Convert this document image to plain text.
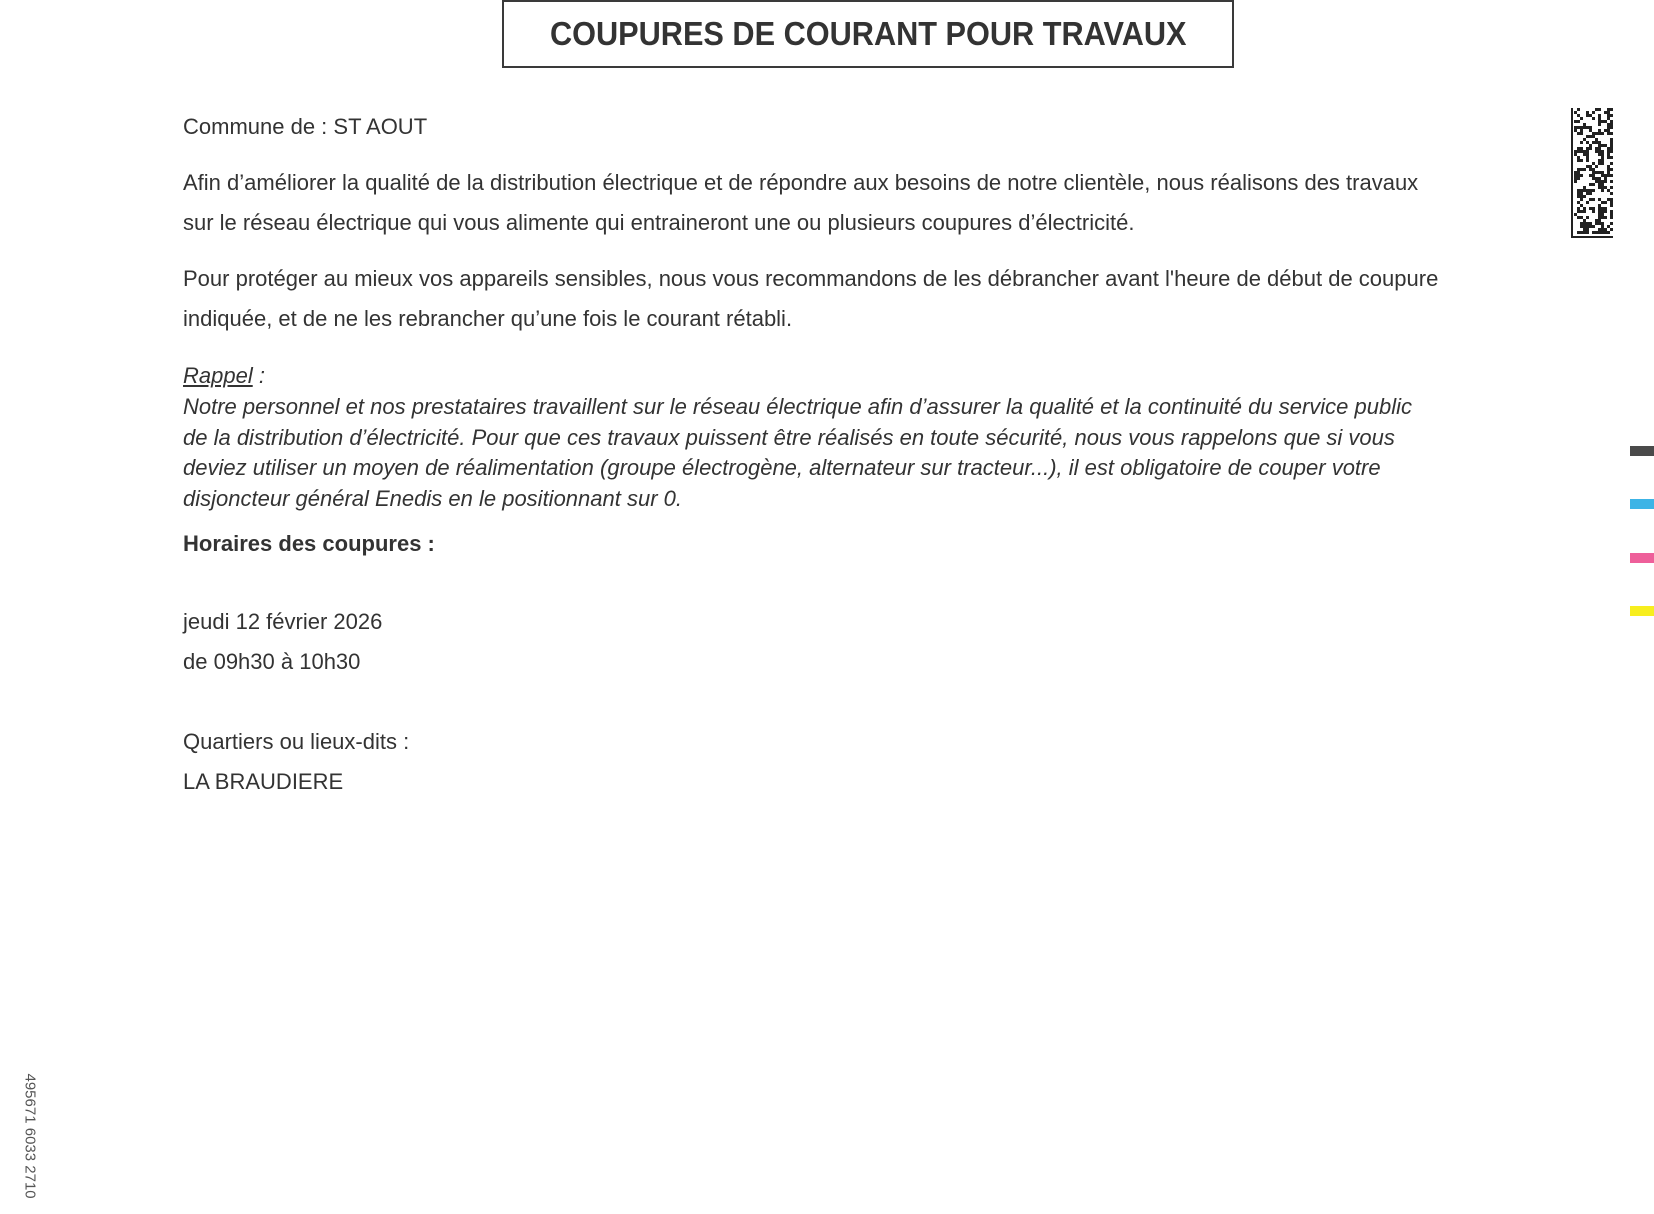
COUPURES DE COURANT POUR TRAVAUX
Commune de : ST AOUT
Afin d’améliorer la qualité de la distribution électrique et de répondre aux besoins de notre clientèle, nous réalisons des travaux
sur le réseau électrique qui vous alimente qui entraineront une ou plusieurs coupures d’électricité.
Pour protéger au mieux vos appareils sensibles, nous vous recommandons de les débrancher avant l'heure de début de coupure
indiquée, et de ne les rebrancher qu’une fois le courant rétabli.
Rappel :
Notre personnel et nos prestataires travaillent sur le réseau électrique afin d’assurer la qualité et la continuité du service public
de la distribution d’électricité. Pour que ces travaux puissent être réalisés en toute sécurité, nous vous rappelons que si vous
deviez utiliser un moyen de réalimentation (groupe électrogène, alternateur sur tracteur...), il est obligatoire de couper votre
disjoncteur général Enedis en le positionnant sur 0.
Horaires des coupures :
jeudi 12 février 2026
de 09h30 à 10h30
Quartiers ou lieux-dits :
LA BRAUDIERE
495671 6033 2710
